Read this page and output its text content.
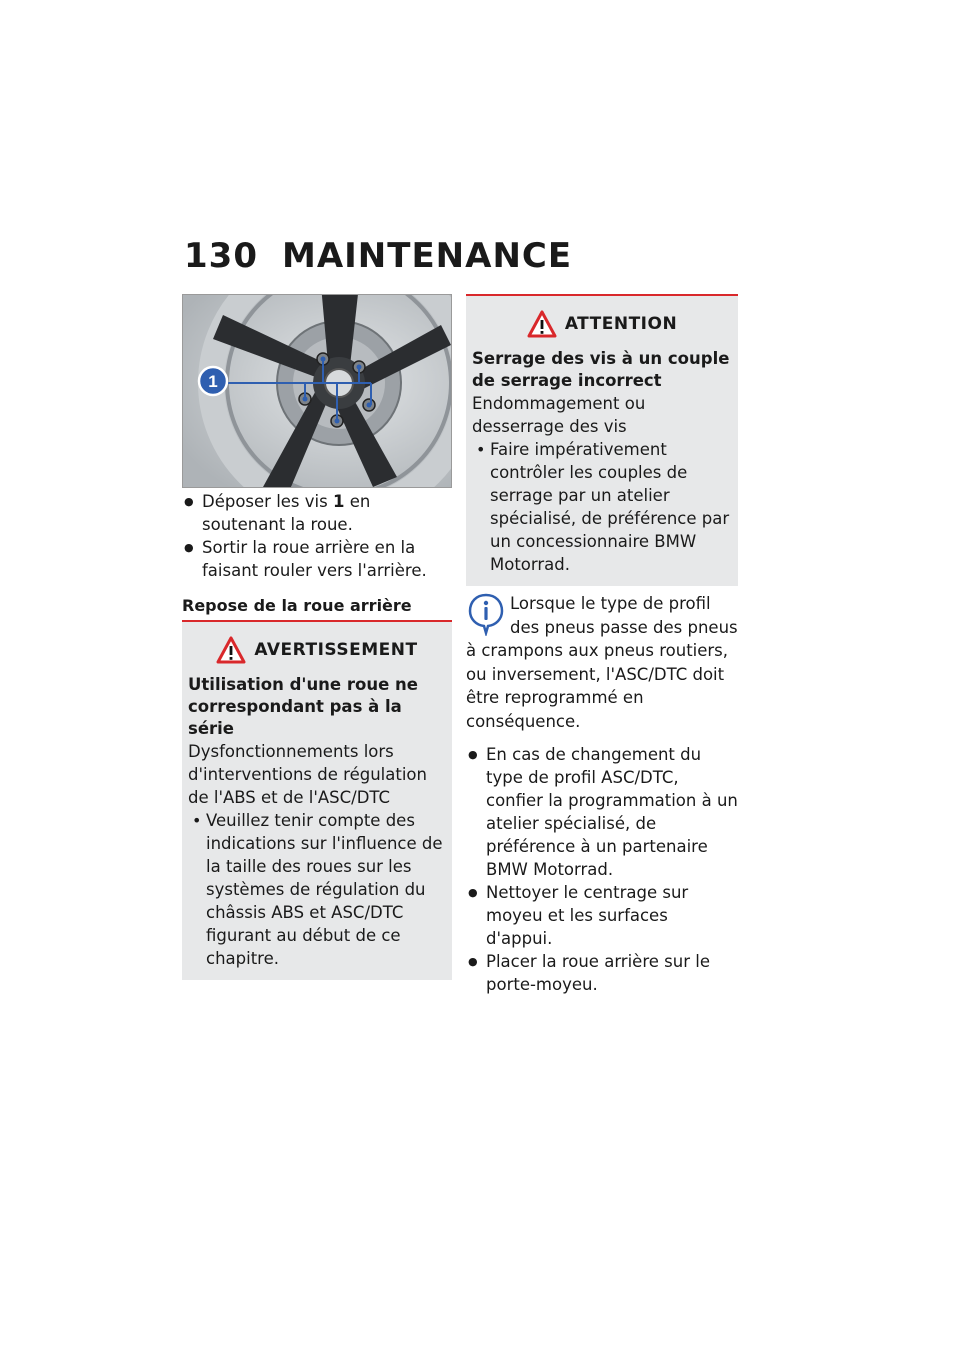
130 MAINTENANCE
1
● Déposer les vis 1 en soutenant la roue.
● Sortir la roue arrière en la faisant rouler vers l'arrière.
Repose de la roue arrière
AVERTISSEMENT
Utilisation d'une roue ne correspondant pas à la série
Dysfonctionnements lors d'interventions de régulation de l'ABS et de l'ASC/DTC
• Veuillez tenir compte des indications sur l'influence de la taille des roues sur les systèmes de régulation du châssis ABS et ASC/DTC figurant au début de ce chapitre.
ATTENTION
Serrage des vis à un couple de serrage incorrect
Endommagement ou desserrage des vis
• Faire impérativement contrôler les couples de serrage par un atelier spécialisé, de préférence par un concessionnaire BMW Motorrad.
Lorsque le type de profil des pneus passe des pneus à crampons aux pneus routiers, ou inversement, l'ASC/DTC doit être reprogrammé en conséquence.
● En cas de changement du type de profil ASC/DTC, confier la programmation à un atelier spécialisé, de préférence à un partenaire BMW Motorrad.
● Nettoyer le centrage sur moyeu et les surfaces d'appui.
● Placer la roue arrière sur le porte-moyeu.
